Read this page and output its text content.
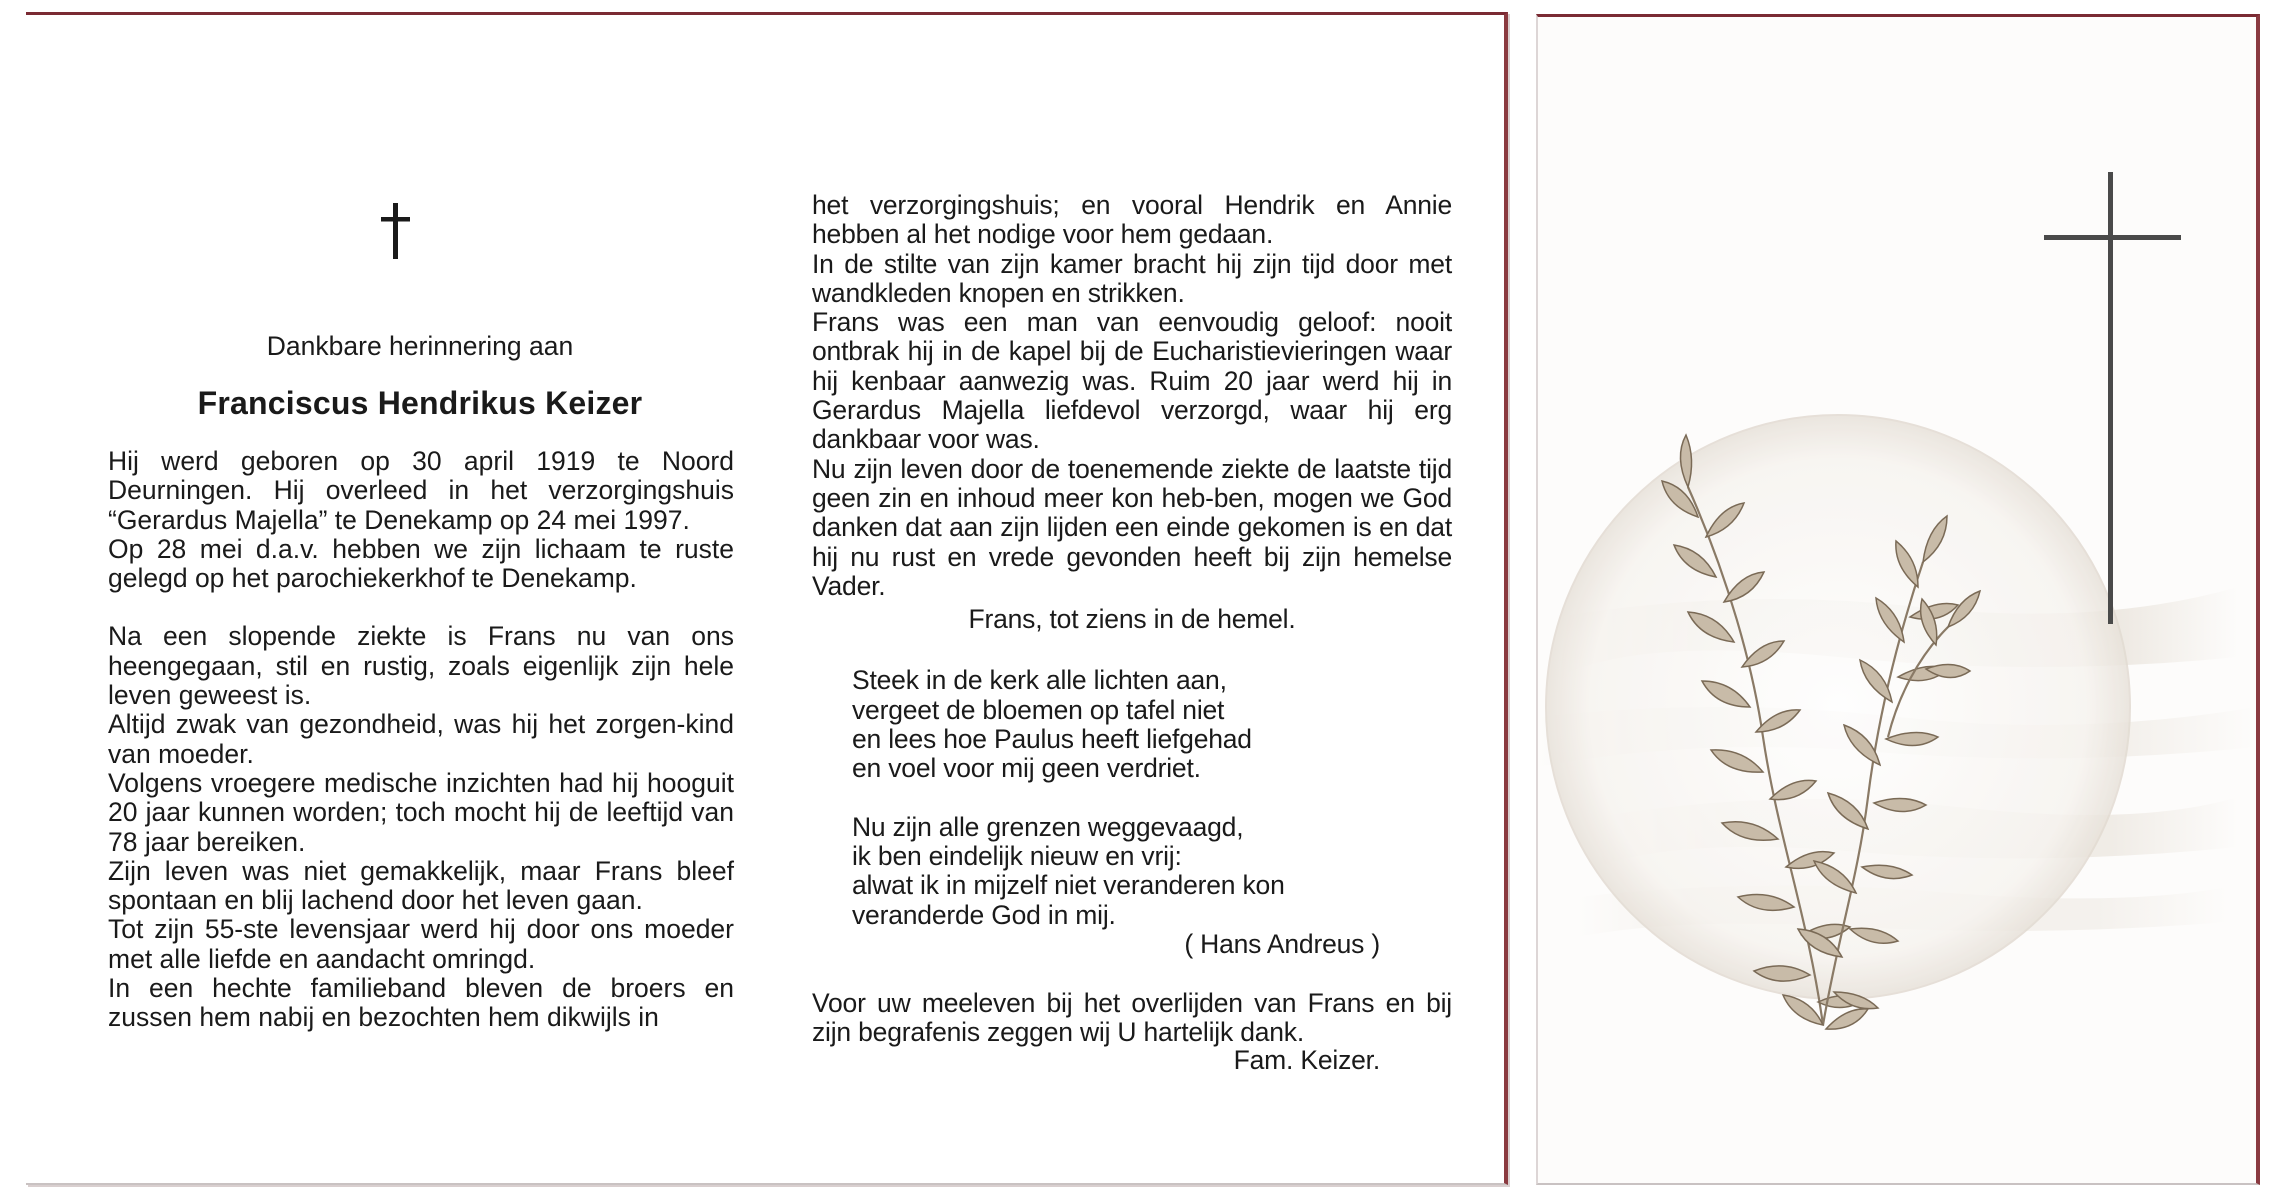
Dankbare herinnering aan
Franciscus Hendrikus Keizer

Hij werd geboren op 30 april 1919 te Noord Deurningen. Hij overleed in het verzorgingshuis “Gerardus Majella” te Denekamp op 24 mei 1997.
Op 28 mei d.a.v. hebben we zijn lichaam te ruste gelegd op het parochiekerkhof te Denekamp.

Na een slopende ziekte is Frans nu van ons heengegaan, stil en rustig, zoals eigenlijk zijn hele leven geweest is.
Altijd zwak van gezondheid, was hij het zorgen-kind van moeder.
Volgens vroegere medische inzichten had hij hooguit 20 jaar kunnen worden; toch mocht hij de leeftijd van 78 jaar bereiken.
Zijn leven was niet gemakkelijk, maar Frans bleef spontaan en blij lachend door het leven gaan.
Tot zijn 55-ste levensjaar werd hij door ons moeder met alle liefde en aandacht omringd.
In een hechte familieband bleven de broers en zussen hem nabij en bezochten hem dikwijls in

het verzorgingshuis; en vooral Hendrik en Annie hebben al het nodige voor hem gedaan.
In de stilte van zijn kamer bracht hij zijn tijd door met wandkleden knopen en strikken.
Frans was een man van eenvoudig geloof: nooit ontbrak hij in de kapel bij de Eucharistievieringen waar hij kenbaar aanwezig was. Ruim 20 jaar werd hij in Gerardus Majella liefdevol verzorgd, waar hij erg dankbaar voor was.
Nu zijn leven door de toenemende ziekte de laatste tijd geen zin en inhoud meer kon heb-ben, mogen we God danken dat aan zijn lijden een einde gekomen is en dat hij nu rust en vrede gevonden heeft bij zijn hemelse Vader.

Frans, tot ziens in de hemel.

Steek in de kerk alle lichten aan,
vergeet de bloemen op tafel niet
en lees hoe Paulus heeft liefgehad
en voel voor mij geen verdriet.

Nu zijn alle grenzen weggevaagd,
ik ben eindelijk nieuw en vrij:
alwat ik in mijzelf niet veranderen kon
veranderde God in mij.

( Hans Andreus )

Voor uw meeleven bij het overlijden van Frans en bij zijn begrafenis zeggen wij U hartelijk dank.

Fam. Keizer.
